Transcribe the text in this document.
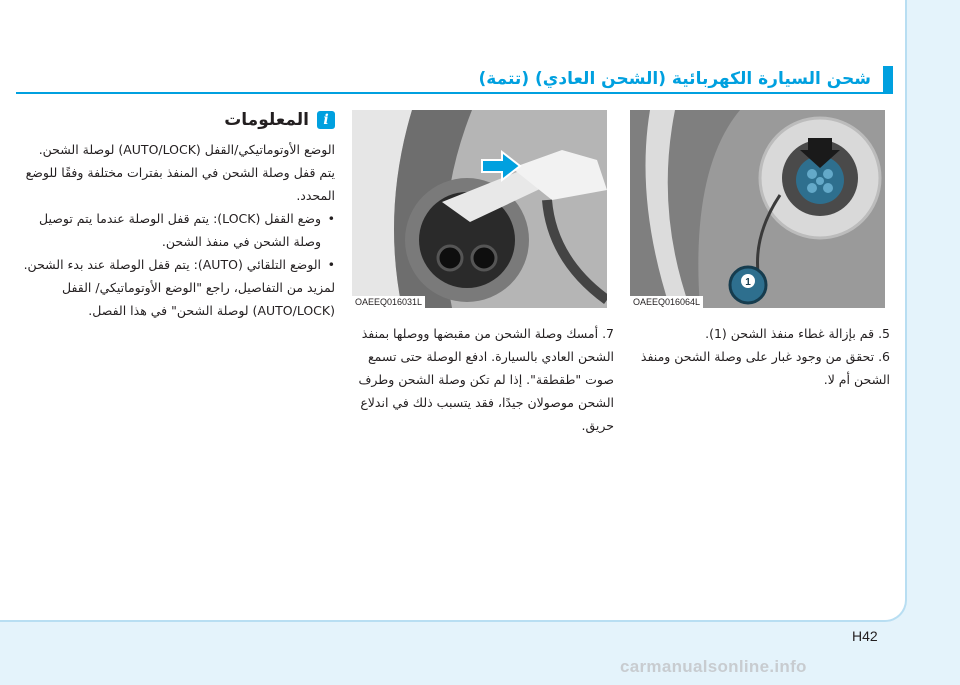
شحن السيارة الكهربائية (الشحن العادي) (تتمة)
1
OAEEQ016064L
OAEEQ016031L

5. قم بإزالة غطاء منفذ الشحن (1).

6. تحقق من وجود غبار على وصلة الشحن ومنفذ الشحن أم لا.

7. أمسك وصلة الشحن من مقبضها ووصلها بمنفذ الشحن العادي بالسيارة. ادفع الوصلة حتى تسمع صوت "طقطقة". إذا لم تكن وصلة الشحن وطرف الشحن موصولان جيدًا، فقد يتسبب ذلك في اندلاع حريق.

i
المعلومات

الوضع الأوتوماتيكي/القفل (AUTO/LOCK) لوصلة الشحن.

يتم قفل وصلة الشحن في المنفذ بفترات مختلفة وفقًا للوضع المحدد.

• وضع القفل (LOCK): يتم قفل الوصلة عندما يتم توصيل وصلة الشحن في منفذ الشحن.
• الوضع التلقائي (AUTO): يتم قفل الوصلة عند بدء الشحن.

لمزيد من التفاصيل، راجع "الوضع الأوتوماتيكي/ القفل (AUTO/LOCK) لوصلة الشحن" في هذا الفصل.

H42
carmanualsonline.info
